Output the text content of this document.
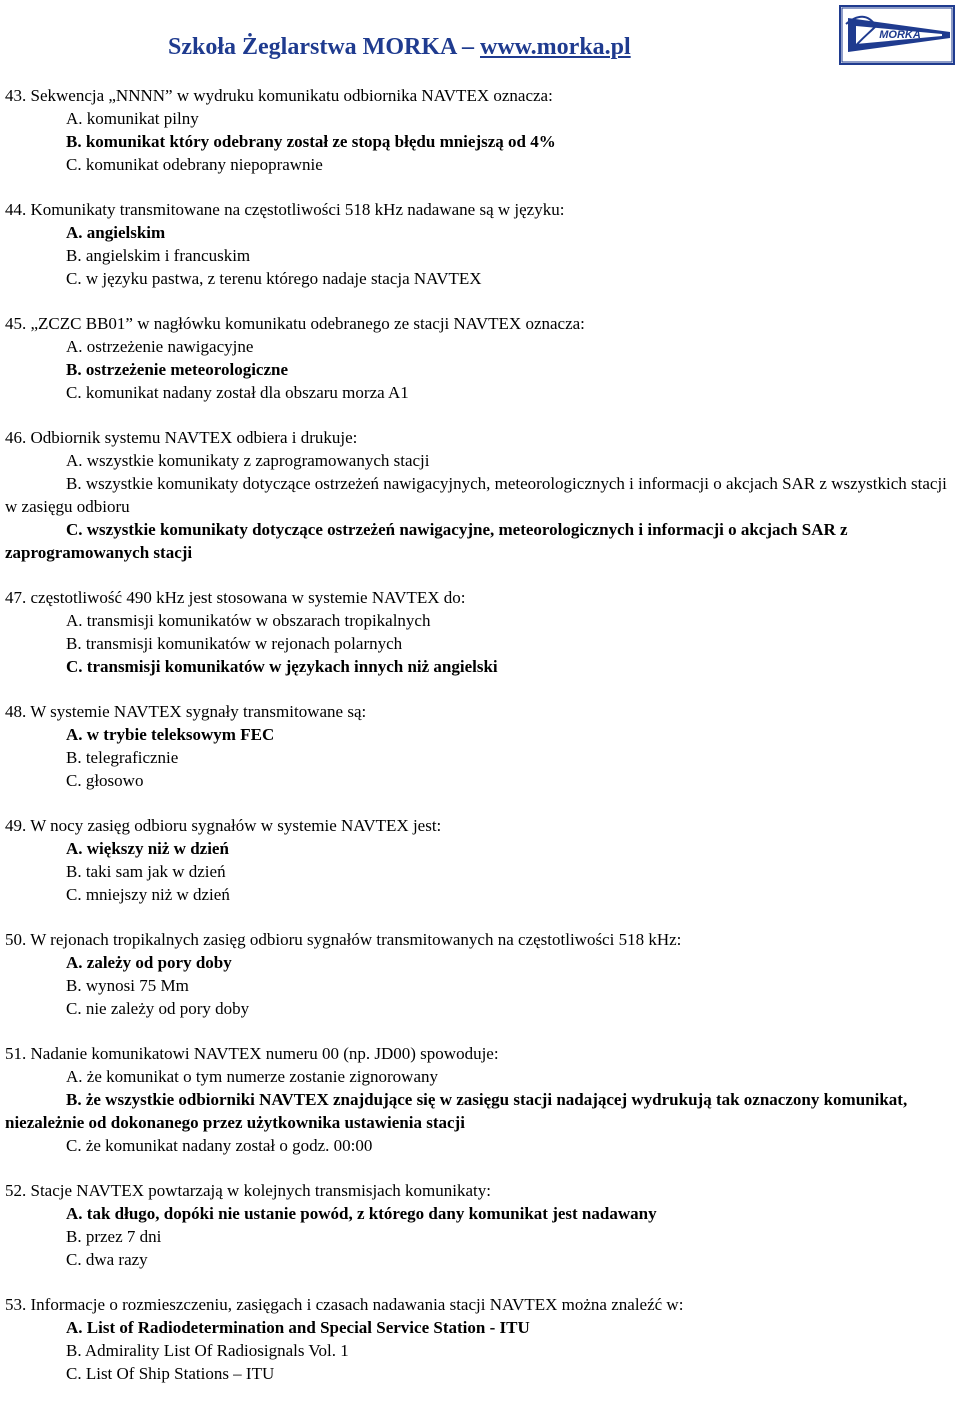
Szkoła Żeglarstwa MORKA – www.morka.pl	MORKA

43. Sekwencja „NNNN” w wydruku komunikatu odbiornika NAVTEX oznacza:

A. komunikat pilny

B. komunikat który odebrany został ze stopą błędu mniejszą od 4%

C. komunikat odebrany niepoprawnie

44. Komunikaty transmitowane na częstotliwości 518 kHz nadawane są w języku:

A. angielskim

B. angielskim i francuskim

C. w języku pastwa, z terenu którego nadaje stacja NAVTEX

45. „ZCZC BB01” w nagłówku komunikatu odebranego ze stacji NAVTEX oznacza:

A. ostrzeżenie nawigacyjne

B. ostrzeżenie meteorologiczne

C. komunikat nadany został dla obszaru morza A1

46. Odbiornik systemu NAVTEX odbiera i drukuje:

A. wszystkie komunikaty z zaprogramowanych stacji

B. wszystkie komunikaty dotyczące ostrzeżeń nawigacyjnych, meteorologicznych i informacji o akcjach SAR z wszystkich stacji w zasięgu odbioru

C. wszystkie komunikaty dotyczące ostrzeżeń nawigacyjne, meteorologicznych i informacji o akcjach SAR z zaprogramowanych stacji

47. częstotliwość 490 kHz jest stosowana w systemie NAVTEX do:

A. transmisji komunikatów w obszarach tropikalnych

B. transmisji komunikatów w rejonach polarnych

C. transmisji komunikatów w językach innych niż angielski

48. W systemie NAVTEX sygnały transmitowane są:

A. w trybie teleksowym FEC

B. telegraficznie

C. głosowo

49. W nocy zasięg odbioru sygnałów w systemie NAVTEX jest:

A. większy niż w dzień

B. taki sam jak w dzień

C. mniejszy niż w dzień

50. W rejonach tropikalnych zasięg odbioru sygnałów transmitowanych na częstotliwości 518 kHz:

A. zależy od pory doby

B. wynosi 75 Mm

C. nie zależy od pory doby

51. Nadanie komunikatowi NAVTEX numeru 00 (np. JD00) spowoduje:

A. że komunikat o tym numerze zostanie zignorowany

B. że wszystkie odbiorniki NAVTEX znajdujące się w zasięgu stacji nadającej wydrukują tak oznaczony komunikat, niezależnie od dokonanego przez użytkownika ustawienia stacji

C. że komunikat nadany został o godz. 00:00

52. Stacje NAVTEX powtarzają w kolejnych transmisjach komunikaty:

A. tak długo, dopóki nie ustanie powód, z którego dany komunikat jest nadawany

B. przez 7 dni

C. dwa razy

53. Informacje o rozmieszczeniu, zasięgach i czasach nadawania stacji NAVTEX można znaleźć w:

A. List of Radiodetermination and Special Service Station - ITU

B. Admirality List Of Radiosignals Vol. 1

C. List Of Ship Stations – ITU
